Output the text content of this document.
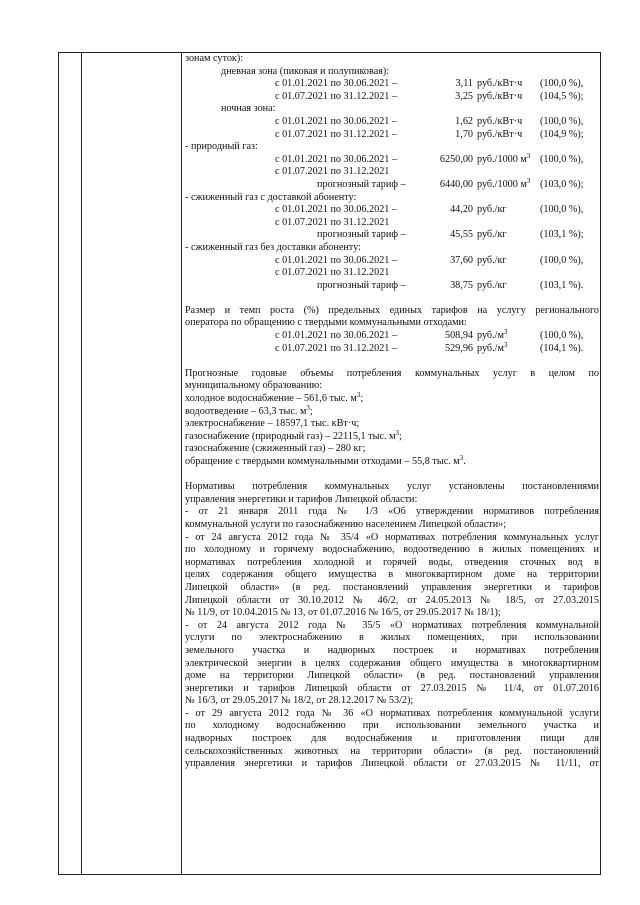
зонам суток):
дневная зона (пиковая и полупиковая):
с 01.01.2021 по 30.06.2021 –	3,11 руб./кВт·ч (100,0 %),
с 01.07.2021 по 31.12.2021 –	3,25 руб./кВт·ч (104,5 %);
ночная зона:
с 01.01.2021 по 30.06.2021 –	1,62 руб./кВт·ч (100,0 %),
с 01.07.2021 по 31.12.2021 –	1,70 руб./кВт·ч (104,9 %);
- природный газ:
с 01.01.2021 по 30.06.2021 –	6250,00 руб./1000 $м^3$ (100,0 %),
с 01.07.2021 по 31.12.2021
прогнозный тариф –	6440,00 руб./1000 $м^3$ (103,0 %);
- сжиженный газ с доставкой абоненту:
с 01.01.2021 по 30.06.2021 –	44,20 руб./кг	(100,0 %),
с 01.07.2021 по 31.12.2021
прогнозный тариф –	45,55 руб./кг	(103,1 %);
- сжиженный газ без доставки абоненту:
с 01.01.2021 по 30.06.2021 –	37,60 руб./кг	(100,0 %),
с 01.07.2021 по 31.12.2021
прогнозный тариф –	38,75 руб./кг	(103,1 %).
Размер и темп роста (%) предельных единых тарифов на услугу регионального
оператора по обращению с твердыми коммунальными отходами:
с 01.01.2021 по 30.06.2021 –	508,94 $руб./м^3$	(100,0 %),
с 01.07.2021 по 31.12.2021 –	529,96 $руб./м^3$	(104,1 %).
Прогнозные годовые объемы потребления коммунальных услуг в целом по
муниципальному образованию:
холодное водоснабжение – 561,6 тыс. $м^3$;
водоотведение – 63,3 тыс. $м^3$;
электроснабжение – 18597,1 тыс. кВт·ч;
газоснабжение (природный газ) – 22115,1 тыс. $м^3$;
газоснабжение (сжиженный газ) – 280 кг;
обращение с твердыми коммунальными отходами – 55,8 тыс. $м^3$.
Нормативы потребления коммунальных услуг установлены постановлениями
управления энергетики и тарифов Липецкой области:
- от 21 января 2011 года № 1/3 «Об утверждении нормативов потребления
коммунальной услуги по газоснабжению населением Липецкой области»;
- от 24 августа 2012 года № 35/4 «О нормативах потребления коммунальных услуг
по холодному и горячему водоснабжению, водоотведению в жилых помещениях и
нормативах потребления холодной и горячей воды, отведения сточных вод в
целях содержания общего имущества в многоквартирном доме на территории
Липецкой области» (в ред. постановлений управления энергетики и тарифов
Липецкой области от 30.10.2012 № 46/2, от 24.05.2013 № 18/5, от 27.03.2015
№ 11/9, от 10.04.2015 № 13, от 01.07.2016 № 16/5, от 29.05.2017 № 18/1);
- от 24 августа 2012 года № 35/5 «О нормативах потребления коммунальной
услуги по электроснабжению в жилых помещениях, при использовании
земельного участка и надворных построек и нормативах потребления
электрической энергии в целях содержания общего имущества в многоквартирном
доме на территории Липецкой области» (в ред. постановлений управления
энергетики и тарифов Липецкой области от 27.03.2015 № 11/4, от 01.07.2016
№ 16/3, от 29.05.2017 № 18/2, от 28.12.2017 № 53/2);
- от 29 августа 2012 года № 36 «О нормативах потребления коммунальной услуги
по холодному водоснабжению при использовании земельного участка и
надворных построек для водоснабжения и приготовления пищи для
сельскохозяйственных животных на территории области» (в ред. постановлений
управления энергетики и тарифов Липецкой области от 27.03.2015 № 11/11, от
